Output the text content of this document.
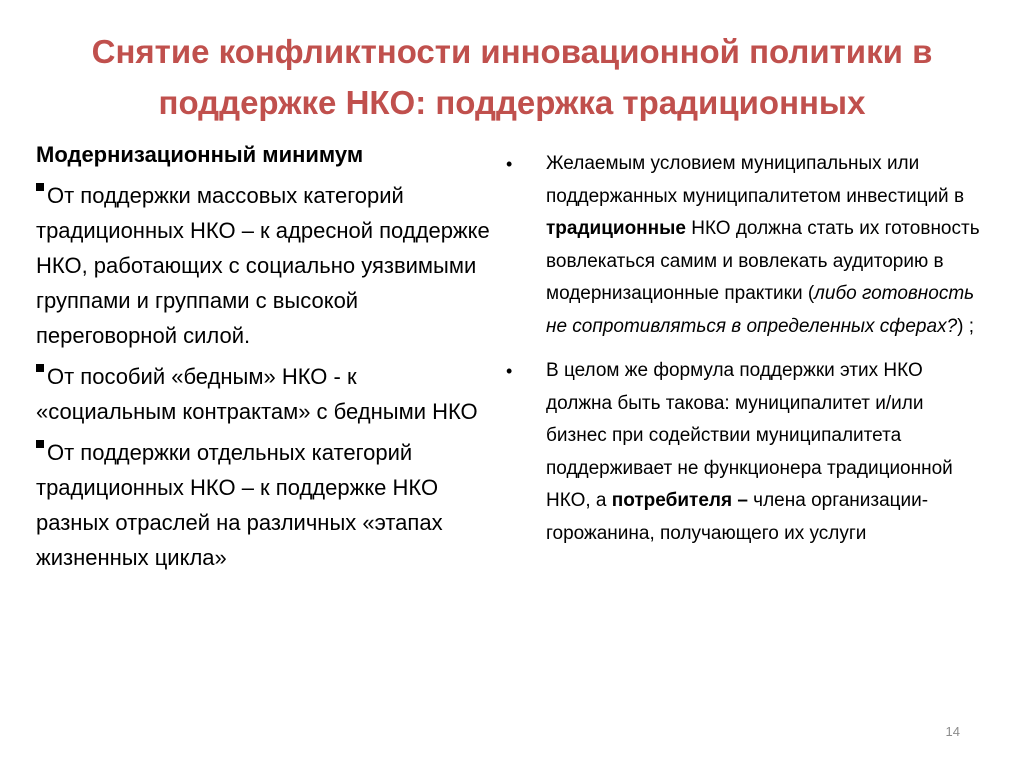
Снятие конфликтности инновационной политики в
поддержке НКО: поддержка традиционных
Модернизационный минимум
От поддержки массовых категорий традиционных НКО – к адресной поддержке НКО, работающих с социально уязвимыми группами и группами с высокой переговорной силой.
От пособий «бедным» НКО - к «социальным контрактам» с бедными НКО
От поддержки отдельных категорий традиционных НКО – к поддержке НКО разных отраслей на различных «этапах жизненных цикла»
• Желаемым условием муниципальных или поддержанных муниципалитетом инвестиций в традиционные НКО должна стать их готовность вовлекаться самим и вовлекать аудиторию в модернизационные практики (либо готовность не сопротивляться в определенных сферах?) ;
• В целом же формула поддержки этих НКО должна быть такова: муниципалитет и/или бизнес при содействии муниципалитета поддерживает не функционера традиционной НКО, а потребителя – члена организации- горожанина, получающего их услуги
14
